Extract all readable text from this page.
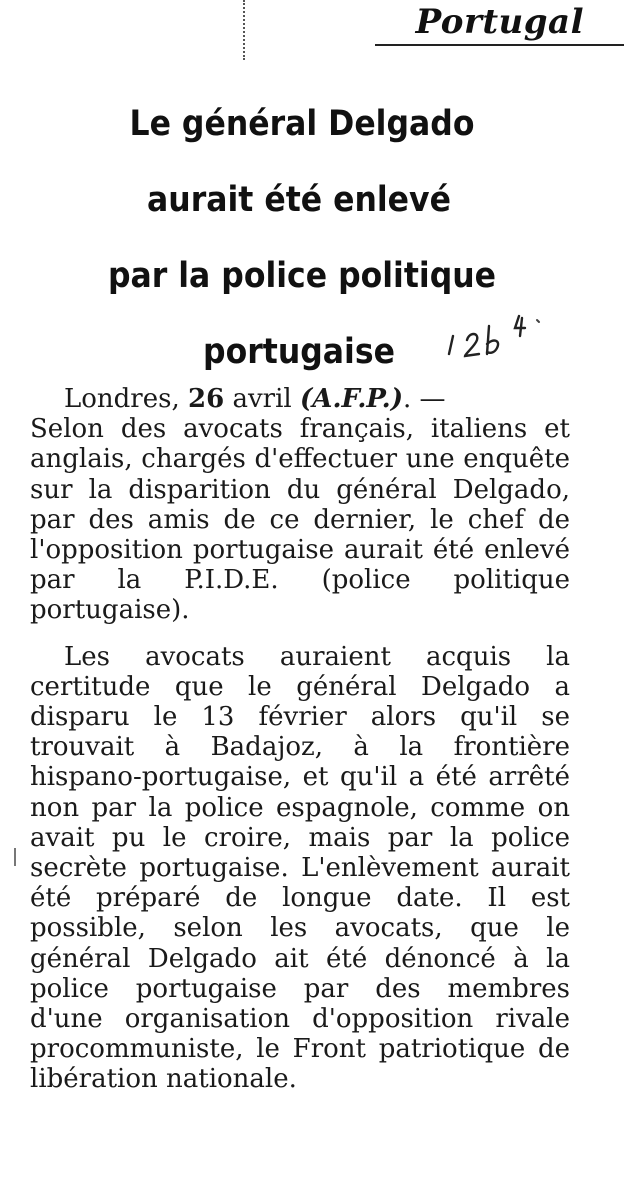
Portugal
Le général Delgado
aurait été enlevé
par la police politique
portugaise

Londres, 26 avril (A.F.P.). —
Selon des avocats français, italiens et anglais, chargés d'effectuer une enquête sur la disparition du général Delgado, par des amis de ce dernier, le chef de l'opposition portugaise aurait été enlevé par la P.I.D.E. (police politique portugaise).

Les avocats auraient acquis la certitude que le général Delgado a disparu le 13 février alors qu'il se trouvait à Badajoz, à la frontière hispano-portugaise, et qu'il a été arrêté non par la police espagnole, comme on avait pu le croire, mais par la police secrète portugaise. L'enlèvement aurait été préparé de longue date. Il est possible, selon les avocats, que le général Delgado ait été dénoncé à la police portugaise par des membres d'une organisation d'opposition rivale procommuniste, le Front patriotique de libération nationale.
